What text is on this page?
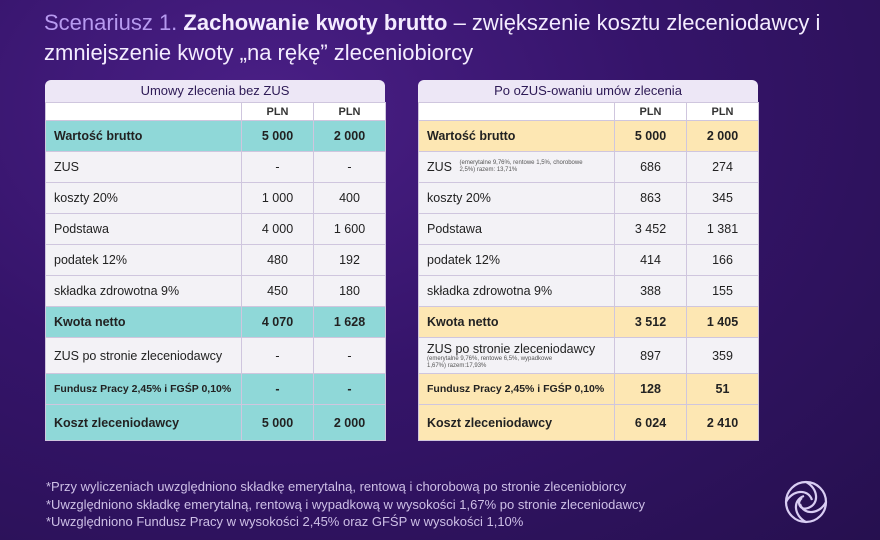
Scenariusz 1. Zachowanie kwoty brutto – zwiększenie kosztu zleceniodawcy i zmniejszenie kwoty „na rękę” zleceniobiorcy
Umowy zlecenia bez ZUS
	PLN	PLN
Wartość brutto	5 000	2 000
ZUS	-	-
koszty 20%	1 000	400
Podstawa	4 000	1 600
podatek 12%	480	192
składka zdrowotna 9%	450	180
Kwota netto	4 070	1 628
ZUS po stronie zleceniodawcy	-	-
Fundusz Pracy 2,45% i FGŚP 0,10%	-	-
Koszt zleceniodawcy	5 000	2 000
Po oZUS-owaniu umów zlecenia
	PLN	PLN
Wartość brutto	5 000	2 000
ZUS (emerytalne 9,76%, rentowe 1,5%, chorobowe 2,5%) razem: 13,71%	686	274
koszty 20%	863	345
Podstawa	3 452	1 381
podatek 12%	414	166
składka zdrowotna 9%	388	155
Kwota netto	3 512	1 405
ZUS po stronie zleceniodawcy
(emerytalne 9,76%, rentowe 6,5%, wypadkowe 1,67%) razem:17,93%	897	359
Fundusz Pracy 2,45% i FGŚP 0,10%	128	51
Koszt zleceniodawcy	6 024	2 410
*Przy wyliczeniach uwzględniono składkę emerytalną, rentową i chorobową po stronie zleceniobiorcy
*Uwzględniono składkę emerytalną, rentową i wypadkową w wysokości 1,67% po stronie zleceniodawcy
*Uwzględniono Fundusz Pracy w wysokości 2,45% oraz GFŚP w wysokości 1,10%
